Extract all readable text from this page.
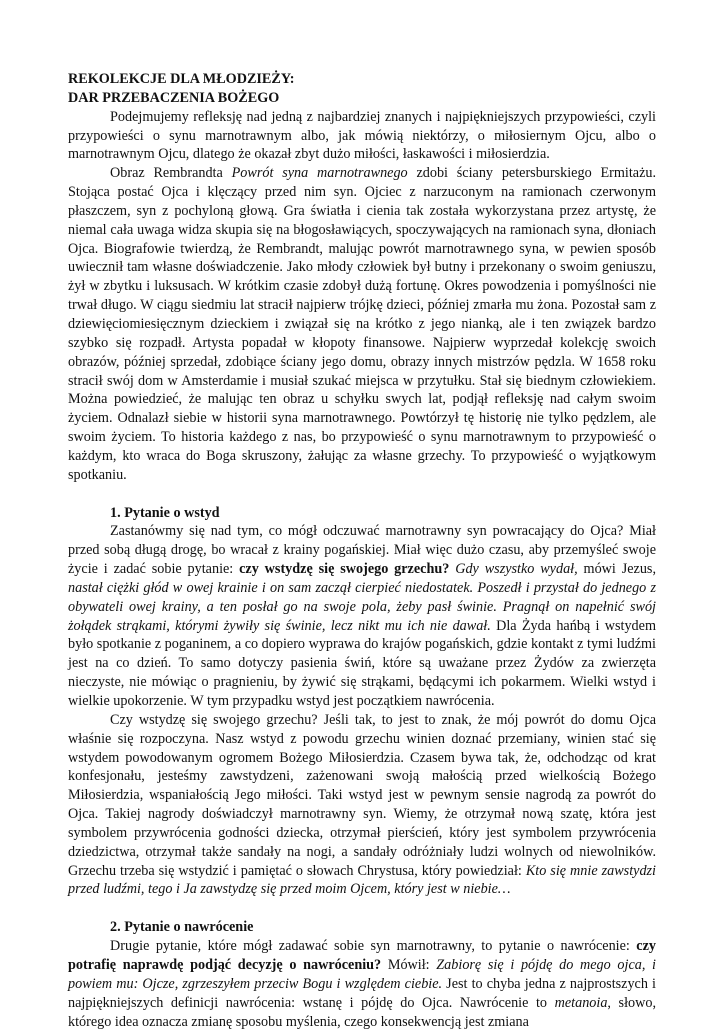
REKOLEKCJE DLA MŁODZIEŻY:
DAR PRZEBACZENIA BOŻEGO

Podejmujemy refleksję nad jedną z najbardziej znanych i najpiękniejszych przypowieści, czyli przypowieści o synu marnotrawnym albo, jak mówią niektórzy, o miłosiernym Ojcu, albo o marnotrawnym Ojcu, dlatego że okazał zbyt dużo miłości, łaskawości i miłosierdzia.

Obraz Rembrandta Powrót syna marnotrawnego zdobi ściany petersburskiego Ermitażu. Stojąca postać Ojca i klęczący przed nim syn. Ojciec z narzuconym na ramionach czerwonym płaszczem, syn z pochyloną głową. Gra światła i cienia tak została wykorzystana przez artystę, że niemal cała uwaga widza skupia się na błogosławiących, spoczywających na ramionach syna, dłoniach Ojca. Biografowie twierdzą, że Rembrandt, malując powrót marnotrawnego syna, w pewien sposób uwiecznił tam własne doświadczenie. Jako młody człowiek był butny i przekonany o swoim geniuszu, żył w zbytku i luksusach. W krótkim czasie zdobył dużą fortunę. Okres powodzenia i pomyślności nie trwał długo. W ciągu siedmiu lat stracił najpierw trójkę dzieci, później zmarła mu żona. Pozostał sam z dziewięciomiesięcznym dzieckiem i związał się na krótko z jego nianką, ale i ten związek bardzo szybko się rozpadł. Artysta popadał w kłopoty finansowe. Najpierw wyprzedał kolekcję swoich obrazów, później sprzedał, zdobiące ściany jego domu, obrazy innych mistrzów pędzla. W 1658 roku stracił swój dom w Amsterdamie i musiał szukać miejsca w przytułku. Stał się biednym człowiekiem. Można powiedzieć, że malując ten obraz u schyłku swych lat, podjął refleksję nad całym swoim życiem. Odnalazł siebie w historii syna marnotrawnego. Powtórzył tę historię nie tylko pędzlem, ale swoim życiem. To historia każdego z nas, bo przypowieść o synu marnotrawnym to przypowieść o każdym, kto wraca do Boga skruszony, żałując za własne grzechy. To przypowieść o wyjątkowym spotkaniu.

1. Pytanie o wstyd

Zastanówmy się nad tym, co mógł odczuwać marnotrawny syn powracający do Ojca? Miał przed sobą długą drogę, bo wracał z krainy pogańskiej. Miał więc dużo czasu, aby przemyśleć swoje życie i zadać sobie pytanie: czy wstydzę się swojego grzechu? Gdy wszystko wydał, mówi Jezus, nastał ciężki głód w owej krainie i on sam zaczął cierpieć niedostatek. Poszedł i przystał do jednego z obywateli owej krainy, a ten posłał go na swoje pola, żeby pasł świnie. Pragnął on napełnić swój żołądek strąkami, którymi żywiły się świnie, lecz nikt mu ich nie dawał. Dla Żyda hańbą i wstydem było spotkanie z poganinem, a co dopiero wyprawa do krajów pogańskich, gdzie kontakt z tymi ludźmi jest na co dzień. To samo dotyczy pasienia świń, które są uważane przez Żydów za zwierzęta nieczyste, nie mówiąc o pragnieniu, by żywić się strąkami, będącymi ich pokarmem. Wielki wstyd i wielkie upokorzenie. W tym przypadku wstyd jest początkiem nawrócenia.

Czy wstydzę się swojego grzechu? Jeśli tak, to jest to znak, że mój powrót do domu Ojca właśnie się rozpoczyna. Nasz wstyd z powodu grzechu winien doznać przemiany, winien stać się wstydem powodowanym ogromem Bożego Miłosierdzia. Czasem bywa tak, że, odchodząc od krat konfesjonału, jesteśmy zawstydzeni, zażenowani swoją małością przed wielkością Bożego Miłosierdzia, wspaniałością Jego miłości. Taki wstyd jest w pewnym sensie nagrodą za powrót do Ojca. Takiej nagrody doświadczył marnotrawny syn. Wiemy, że otrzymał nową szatę, która jest symbolem przywrócenia godności dziecka, otrzymał pierścień, który jest symbolem przywrócenia dziedzictwa, otrzymał także sandały na nogi, a sandały odróżniały ludzi wolnych od niewolników. Grzechu trzeba się wstydzić i pamiętać o słowach Chrystusa, który powiedział: Kto się mnie zawstydzi przed ludźmi, tego i Ja zawstydzę się przed moim Ojcem, który jest w niebie…

2. Pytanie o nawrócenie

Drugie pytanie, które mógł zadawać sobie syn marnotrawny, to pytanie o nawrócenie: czy potrafię naprawdę podjąć decyzję o nawróceniu? Mówił: Zabiorę się i pójdę do mego ojca, i powiem mu: Ojcze, zgrzeszyłem przeciw Bogu i względem ciebie. Jest to chyba jedna z najprostszych i najpiękniejszych definicji nawrócenia: wstanę i pójdę do Ojca. Nawrócenie to metanoia, słowo, którego idea oznacza zmianę sposobu myślenia, czego konsekwencją jest zmiana
